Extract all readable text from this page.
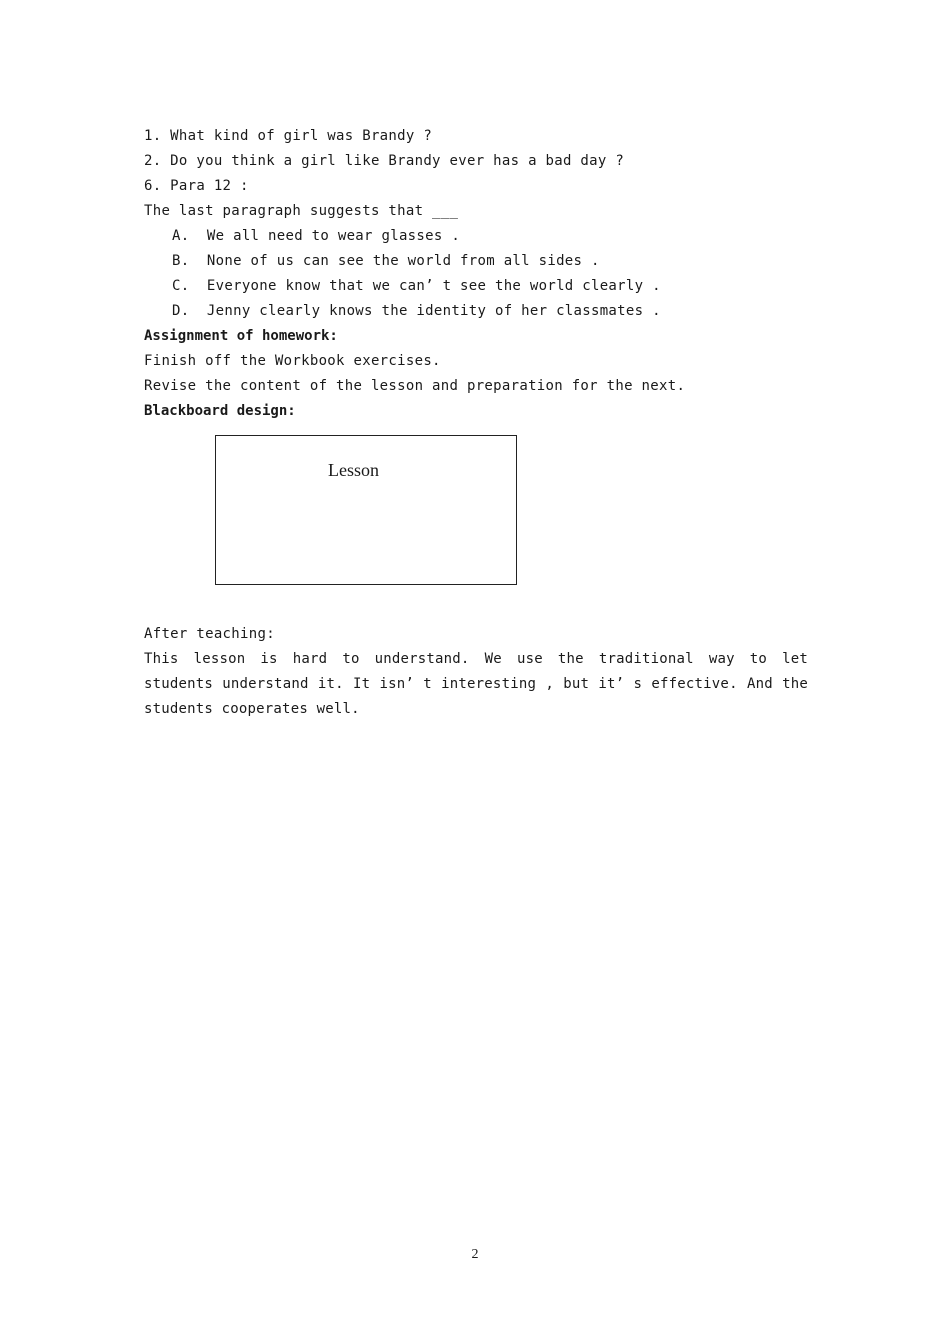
1. What kind of girl was Brandy ?
2. Do you think a girl like Brandy ever has a bad day ?
6. Para 12 :
The last paragraph suggests that ___
A.  We all need to wear glasses .
B.  None of us can see the world from all sides .
C.  Everyone know that we can’ t see the world clearly .
D.  Jenny clearly knows the identity of her classmates .
Assignment of homework:
Finish off the Workbook exercises.
Revise the content of the lesson and preparation for the next.
Blackboard design:
Lesson
After teaching:
This lesson is hard to understand. We use the traditional way to let students understand it. It isn’ t interesting , but it’ s effective. And the students cooperates well.
2
